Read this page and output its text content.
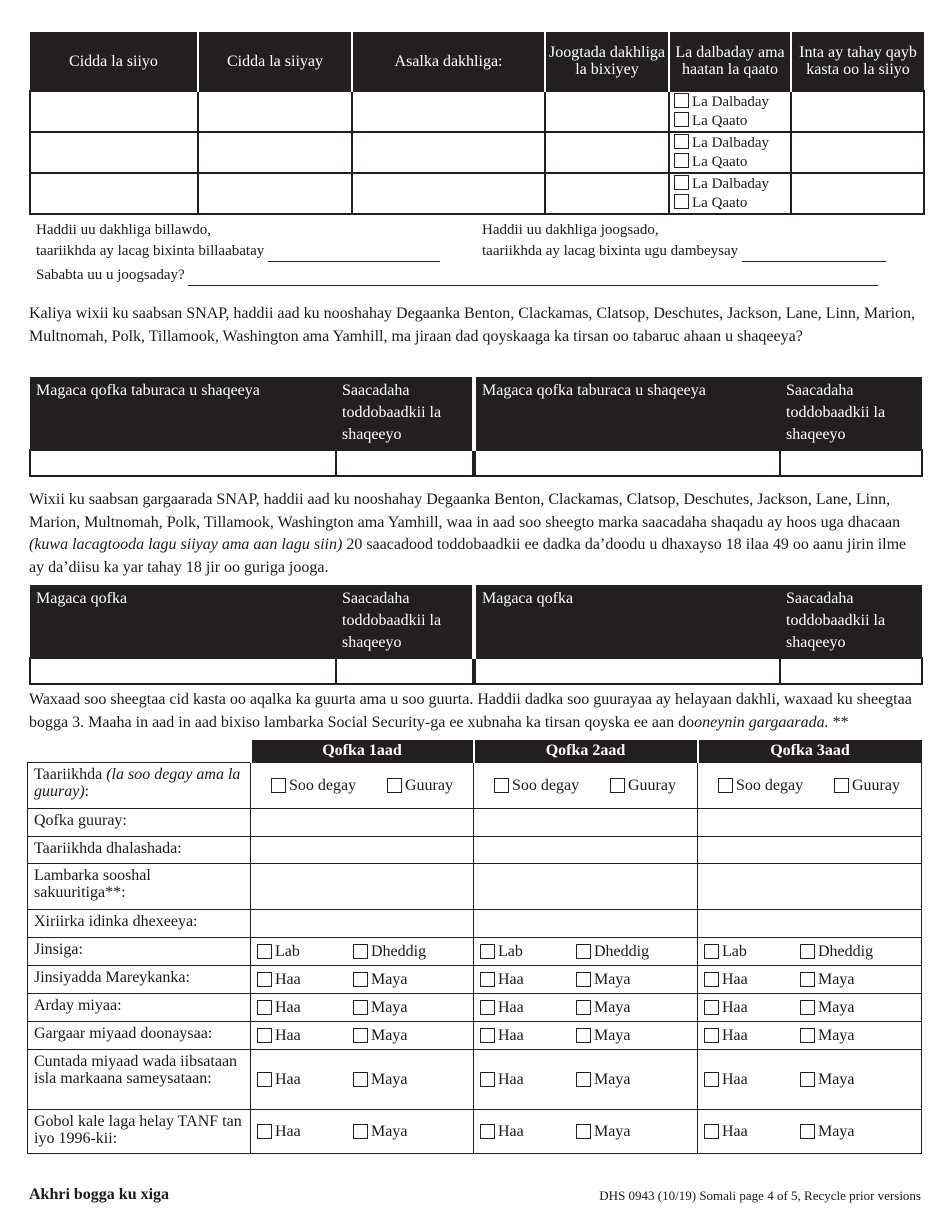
Cidda la siiyo	Cidda la siiyay	Asalka dakhliga:	Joogtada dakhliga la bixiyey	La dalbaday ama haatan la qaato	Inta ay tahay qayb kasta oo la siiyo

				La Dalbaday
La Qaato	

				La Dalbaday
La Qaato	

				La Dalbaday
La Qaato	

Haddii uu dakhliga billawdo,
taariikhda ay lacag bixinta billaabatay
Haddii uu dakhliga joogsado,
taariikhda ay lacag bixinta ugu dambeysay
Sababta uu u joogsaday?
Kaliya wixii ku saabsan SNAP, haddii aad ku nooshahay Degaanka Benton, Clackamas, Clatsop, Deschutes, Jackson, Lane, Linn, Marion, Multnomah, Polk, Tillamook, Washington ama Yamhill, ma jiraan dad qoyskaaga ka tirsan oo tabaruc ahaan u shaqeeya?
Magaca qofka taburaca u shaqeeya	Saacadaha toddobaadkii la shaqeeyo	Magaca qofka taburaca u shaqeeya	Saacadaha toddobaadkii la shaqeeyo

Wixii ku saabsan gargaarada SNAP, haddii aad ku nooshahay Degaanka Benton, Clackamas, Clatsop, Deschutes, Jackson, Lane, Linn, Marion, Multnomah, Polk, Tillamook, Washington ama Yamhill, waa in aad soo sheegto marka saacadaha shaqadu ay hoos uga dhacaan (kuwa lacagtooda lagu siiyay ama aan lagu siin) 20 saacadood toddobaadkii ee dadka da’doodu u dhaxayso 18 ilaa 49 oo aanu jirin ilme ay da’diisu ka yar tahay 18 jir oo guriga jooga.
Magaca qofka	Saacadaha toddobaadkii la shaqeeyo	Magaca qofka	Saacadaha toddobaadkii la shaqeeyo

Waxaad soo sheegtaa cid kasta oo aqalka ka guurta ama u soo guurta. Haddii dadka soo guurayaa ay helayaan dakhli, waxaad ku sheegtaa bogga 3. Maaha in aad in aad bixiso lambarka Social Security-ga ee xubnaha ka tirsan qoyska ee aan dooneynin gargaarada. **
	Qofka 1aad	Qofka 2aad	Qofka 3aad
Taariikhda (la soo degay ama la guuray):	Soo degay Guuray	Soo degay Guuray	Soo degay Guuray

Qofka guuray:			
Taariikhda dhalashada:			
Lambarka sooshal sakuuritiga**:			
Xiriirka idinka dhexeeya:			
Jinsiga:	Lab Dheddig	Lab Dheddig	Lab Dheddig

Jinsiyadda Mareykanka:	Haa Maya	Haa Maya	Haa Maya

Arday miyaa:	Haa Maya	Haa Maya	Haa Maya

Gargaar miyaad doonaysaa:	Haa Maya	Haa Maya	Haa Maya

Cuntada miyaad wada iibsataan isla markaana sameysataan:	Haa Maya	Haa Maya	Haa Maya

Gobol kale laga helay TANF tan iyo 1996-kii:	Haa Maya	Haa Maya	Haa Maya
Akhri bogga ku xiga	DHS 0943 (10/19) Somali page 4 of 5, Recycle prior versions
